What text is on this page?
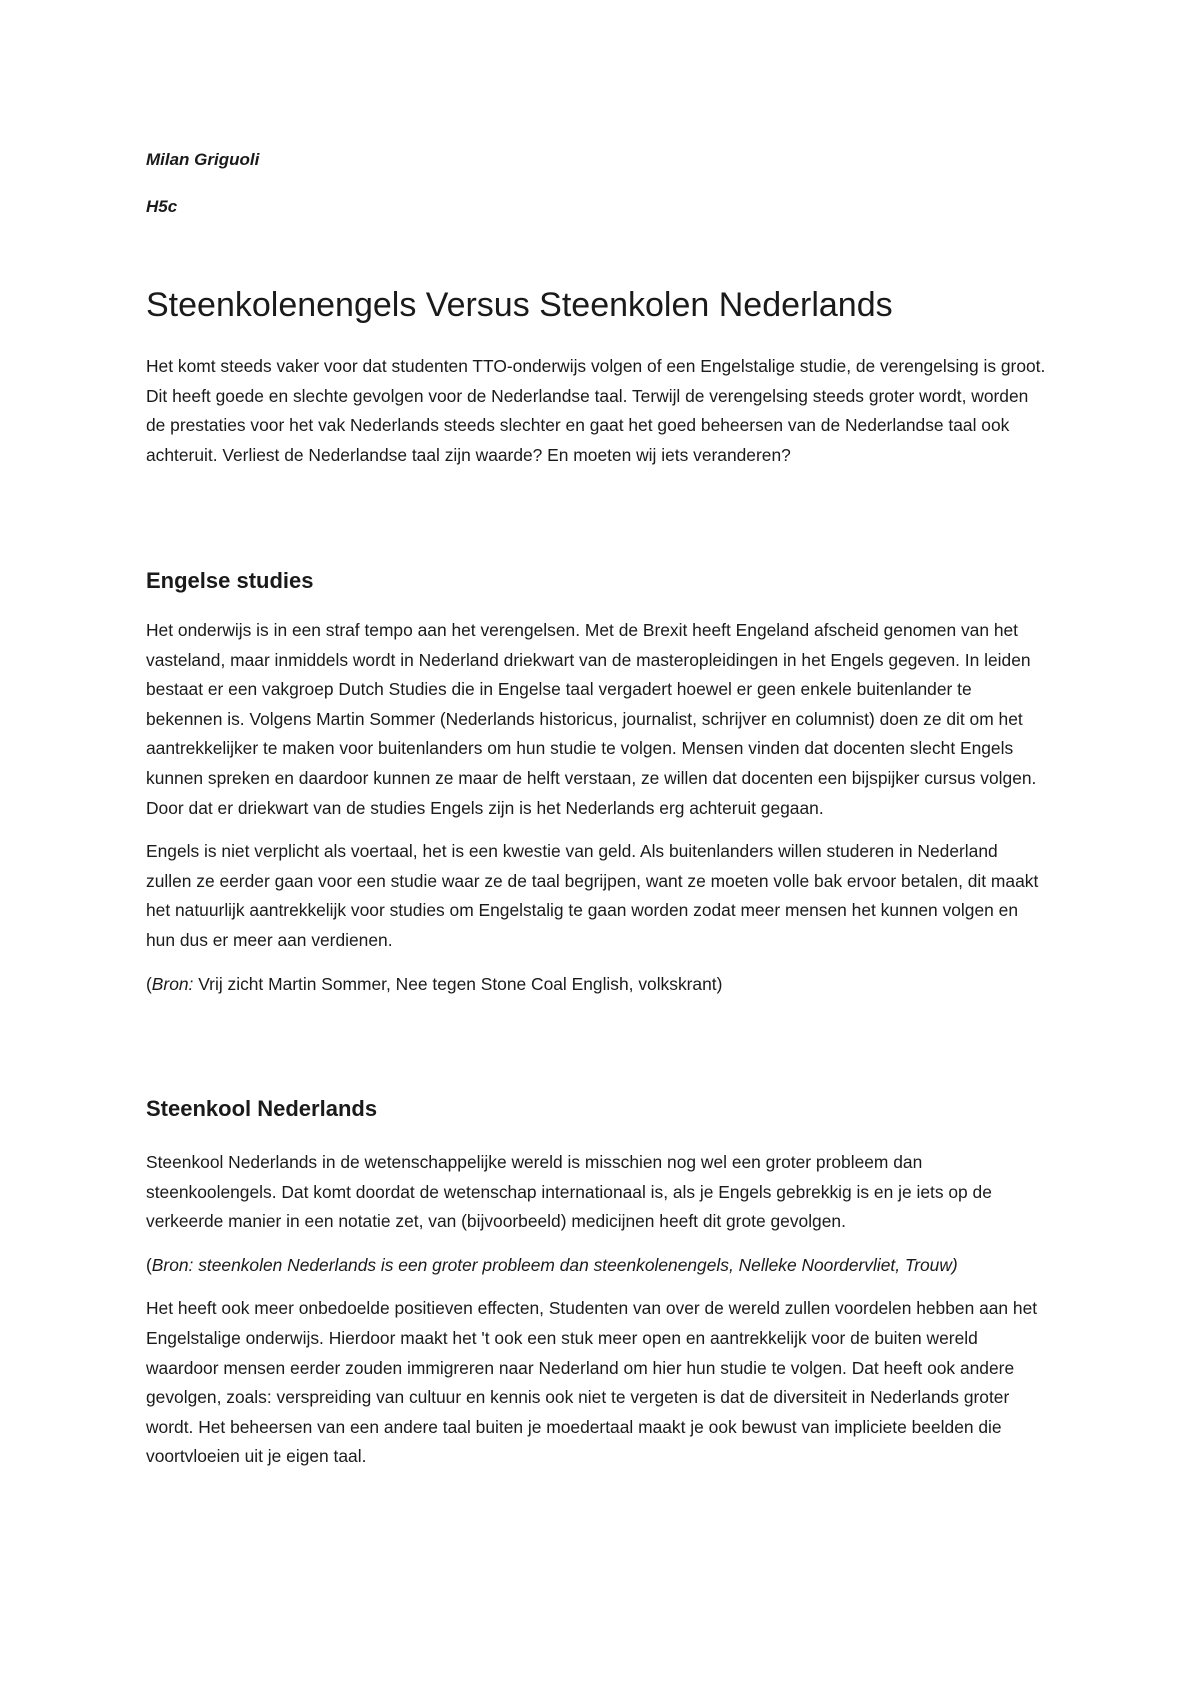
Milan Griguoli

H5c

Steenkolenengels Versus Steenkolen Nederlands

Het komt steeds vaker voor dat studenten TTO-onderwijs volgen of een Engelstalige studie, de verengelsing is groot. Dit heeft goede en slechte gevolgen voor de Nederlandse taal. Terwijl de verengelsing steeds groter wordt, worden de prestaties voor het vak Nederlands steeds slechter en gaat het goed beheersen van de Nederlandse taal ook achteruit. Verliest de Nederlandse taal zijn waarde? En moeten wij iets veranderen?

Engelse studies

Het onderwijs is in een straf tempo aan het verengelsen. Met de Brexit heeft Engeland afscheid genomen van het vasteland, maar inmiddels wordt in Nederland driekwart van de masteropleidingen in het Engels gegeven. In leiden bestaat er een vakgroep Dutch Studies die in Engelse taal vergadert hoewel er geen enkele buitenlander te bekennen is. Volgens Martin Sommer (Nederlands historicus, journalist, schrijver en columnist) doen ze dit om het aantrekkelijker te maken voor buitenlanders om hun studie te volgen. Mensen vinden dat docenten slecht Engels kunnen spreken en daardoor kunnen ze maar de helft verstaan, ze willen dat docenten een bijspijker cursus volgen. Door dat er driekwart van de studies Engels zijn is het Nederlands erg achteruit gegaan.

Engels is niet verplicht als voertaal, het is een kwestie van geld. Als buitenlanders willen studeren in Nederland zullen ze eerder gaan voor een studie waar ze de taal begrijpen, want ze moeten volle bak ervoor betalen, dit maakt het natuurlijk aantrekkelijk voor studies om Engelstalig te gaan worden zodat meer mensen het kunnen volgen en hun dus er meer aan verdienen.

(Bron: Vrij zicht Martin Sommer, Nee tegen Stone Coal English, volkskrant)

Steenkool Nederlands

Steenkool Nederlands in de wetenschappelijke wereld is misschien nog wel een groter probleem dan steenkoolengels. Dat komt doordat de wetenschap internationaal is, als je Engels gebrekkig is en je iets op de verkeerde manier in een notatie zet, van (bijvoorbeeld) medicijnen heeft dit grote gevolgen.

(Bron: steenkolen Nederlands is een groter probleem dan steenkolenengels, Nelleke Noordervliet, Trouw)

Het heeft ook meer onbedoelde positieven effecten, Studenten van over de wereld zullen voordelen hebben aan het Engelstalige onderwijs. Hierdoor maakt het 't ook een stuk meer open en aantrekkelijk voor de buiten wereld waardoor mensen eerder zouden immigreren naar Nederland om hier hun studie te volgen. Dat heeft ook andere gevolgen, zoals: verspreiding van cultuur en kennis ook niet te vergeten is dat de diversiteit in Nederlands groter wordt. Het beheersen van een andere taal buiten je moedertaal maakt je ook bewust van impliciete beelden die voortvloeien uit je eigen taal.
